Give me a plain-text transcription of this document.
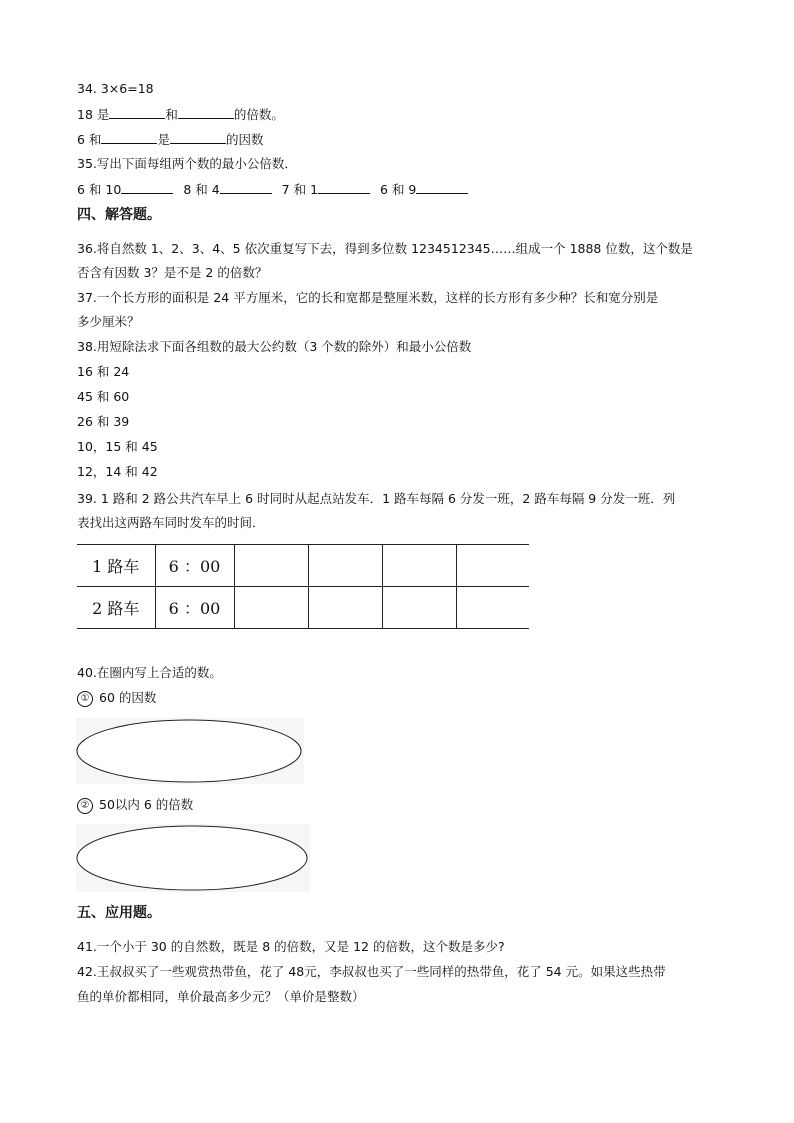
34. 3×6=18
18 是	和	的倍数。
6 和	是	的因数
35.写出下面每组两个数的最小公倍数．
6 和 10	8 和 4	7 和 1	6 和 9
四、解答题。
36.将自然数 1、2、3、4、5 依次重复写下去，得到多位数 1234512345……组成一个 1888 位数，这个数是
否含有因数 3？是不是 2 的倍数？
37.一个长方形的面积是 24 平方厘米，它的长和宽都是整厘米数，这样的长方形有多少种？长和宽分别是
多少厘米？
38.用短除法求下面各组数的最大公约数（3 个数的除外）和最小公倍数
16 和 24
45 和 60
26 和 39
10，15 和 45
12，14 和 42
39. 1 路和 2 路公共汽车早上 6 时同时从起点站发车．1 路车每隔 6 分发一班，2 路车每隔 9 分发一班．列
表找出这两路车同时发车的时间．
1 路车	6 ：00				
2 路车	6 ：00				
40.在圈内写上合适的数。
① 60 的因数
② 50以内 6 的倍数
五、应用题。
41.一个小于 30 的自然数，既是 8 的倍数，又是 12 的倍数，这个数是多少?
42.王叔叔买了一些观赏热带鱼，花了 48元，李叔叔也买了一些同样的热带鱼，花了 54 元。如果这些热带
鱼的单价都相同，单价最高多少元？（单价是整数）
